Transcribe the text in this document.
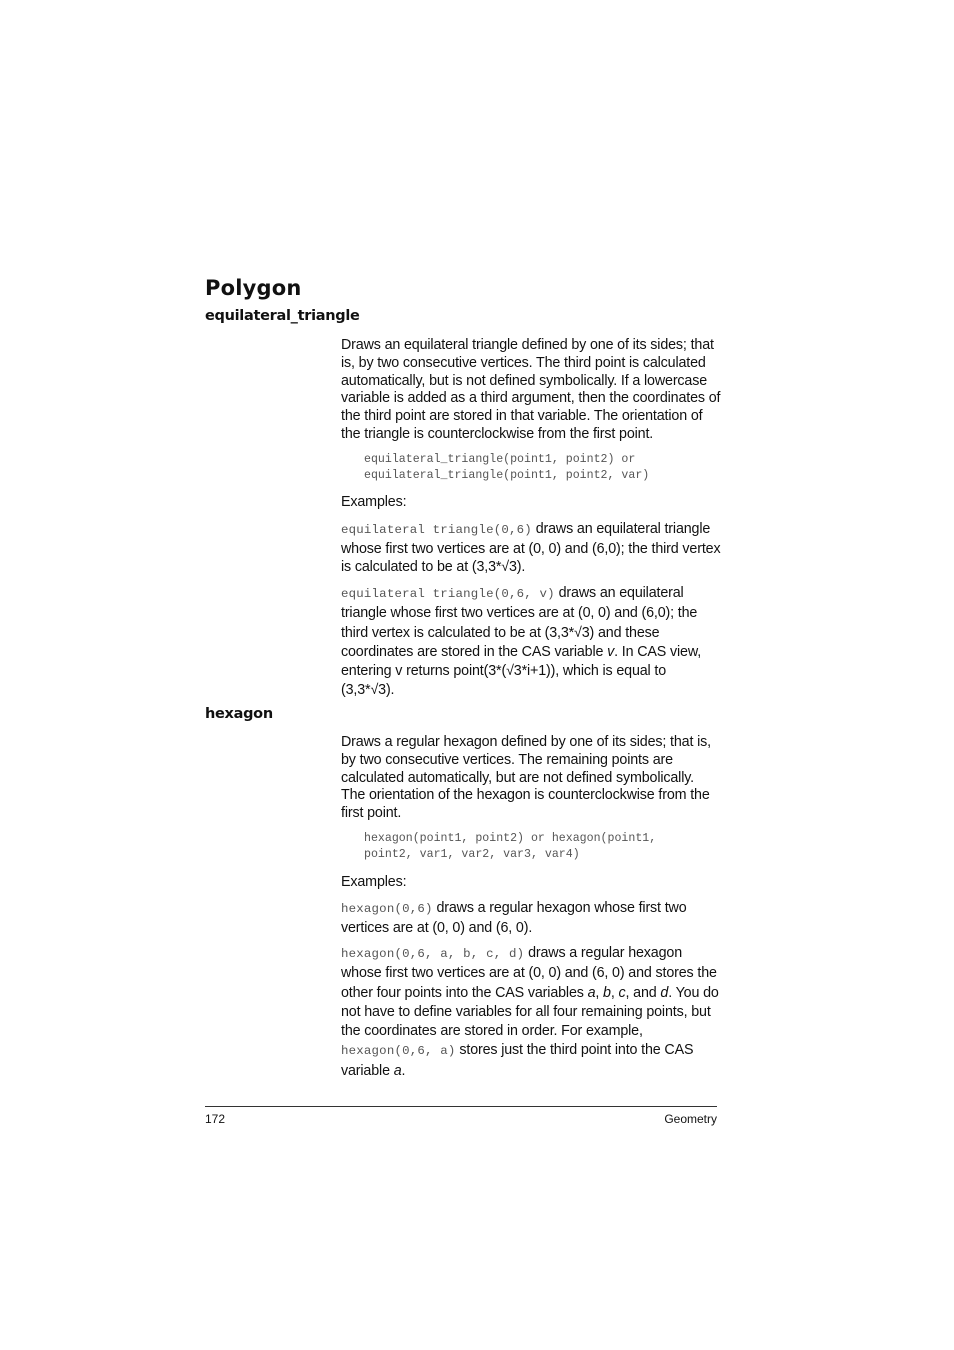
Polygon
equilateral_triangle

Draws an equilateral triangle defined by one of its sides; that is, by two consecutive vertices. The third point is calculated automatically, but is not defined symbolically. If a lowercase variable is added as a third argument, then the coordinates of the third point are stored in that variable. The orientation of the triangle is counterclockwise from the first point.

equilateral_triangle(point1, point2) or
equilateral_triangle(point1, point2, var)

Examples:

equilateral triangle(0,6) draws an equilateral triangle whose first two vertices are at (0, 0) and (6,0); the third vertex is calculated to be at (3,3*√3).

equilateral triangle(0,6, v) draws an equilateral triangle whose first two vertices are at (0, 0) and (6,0); the third vertex is calculated to be at (3,3*√3) and these coordinates are stored in the CAS variable v. In CAS view, entering v returns point(3*(√3*i+1)), which is equal to (3,3*√3).

hexagon

Draws a regular hexagon defined by one of its sides; that is, by two consecutive vertices. The remaining points are calculated automatically, but are not defined symbolically. The orientation of the hexagon is counterclockwise from the first point.

hexagon(point1, point2) or hexagon(point1,
point2, var1, var2, var3, var4)

Examples:

hexagon(0,6) draws a regular hexagon whose first two vertices are at (0, 0) and (6, 0).

hexagon(0,6, a, b, c, d) draws a regular hexagon whose first two vertices are at (0, 0) and (6, 0) and stores the other four points into the CAS variables a, b, c, and d. You do not have to define variables for all four remaining points, but the coordinates are stored in order. For example, hexagon(0,6, a) stores just the third point into the CAS variable a.

172	Geometry
